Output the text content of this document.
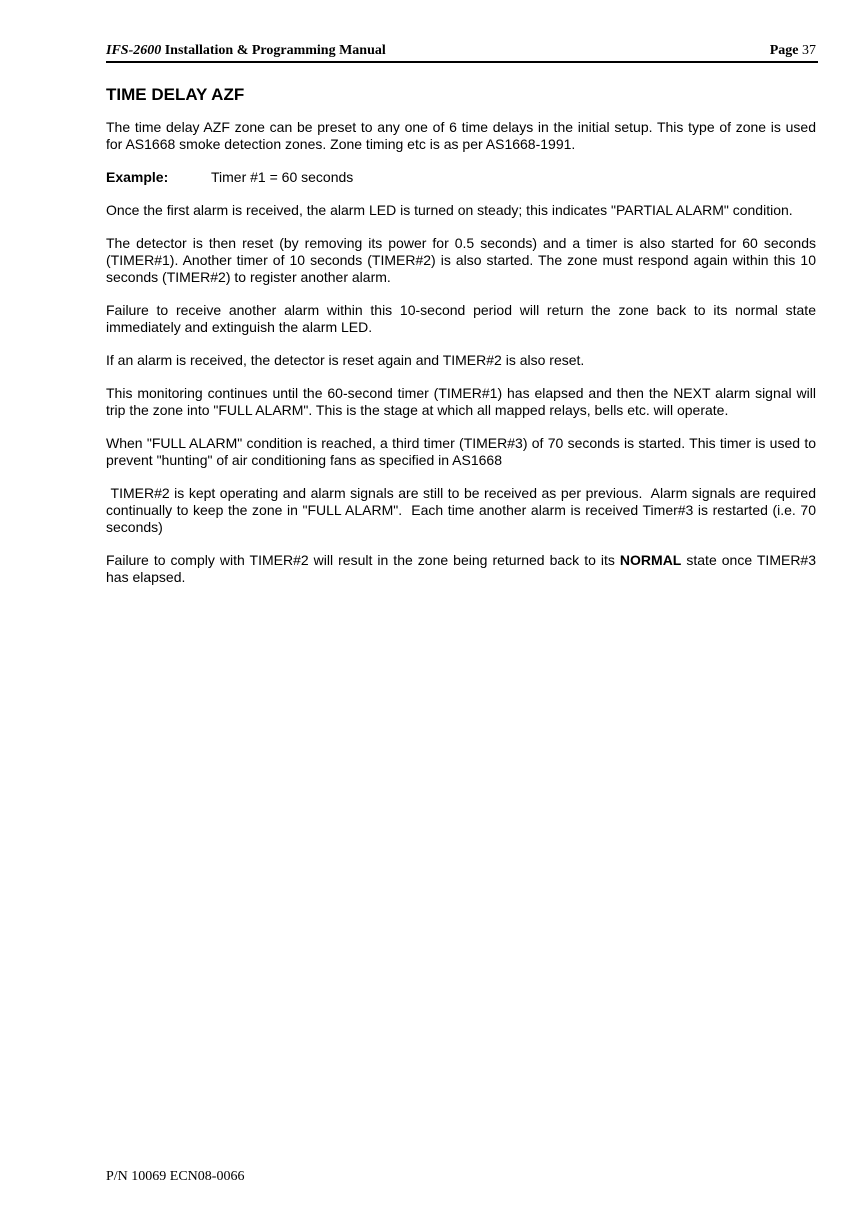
IFS-2600 Installation & Programming Manual	Page 37
TIME DELAY AZF

The time delay AZF zone can be preset to any one of 6 time delays in the initial setup. This type of zone is used for AS1668 smoke detection zones. Zone timing etc is as per AS1668-1991.

Example:	Timer #1 = 60 seconds

Once the first alarm is received, the alarm LED is turned on steady; this indicates "PARTIAL ALARM" condition.

The detector is then reset (by removing its power for 0.5 seconds) and a timer is also started for 60 seconds (TIMER#1). Another timer of 10 seconds (TIMER#2) is also started. The zone must respond again within this 10 seconds (TIMER#2) to register another alarm.

Failure to receive another alarm within this 10-second period will return the zone back to its normal state immediately and extinguish the alarm LED.

If an alarm is received, the detector is reset again and TIMER#2 is also reset.

This monitoring continues until the 60-second timer (TIMER#1) has elapsed and then the NEXT alarm signal will trip the zone into "FULL ALARM". This is the stage at which all mapped relays, bells etc. will operate.

When "FULL ALARM" condition is reached, a third timer (TIMER#3) of 70 seconds is started. This timer is used to prevent "hunting" of air conditioning fans as specified in AS1668

TIMER#2 is kept operating and alarm signals are still to be received as per previous.  Alarm signals are required continually to keep the zone in "FULL ALARM".  Each time another alarm is received Timer#3 is restarted (i.e. 70 seconds)

Failure to comply with TIMER#2 will result in the zone being returned back to its NORMAL state once TIMER#3 has elapsed.

P/N 10069 ECN08-0066
